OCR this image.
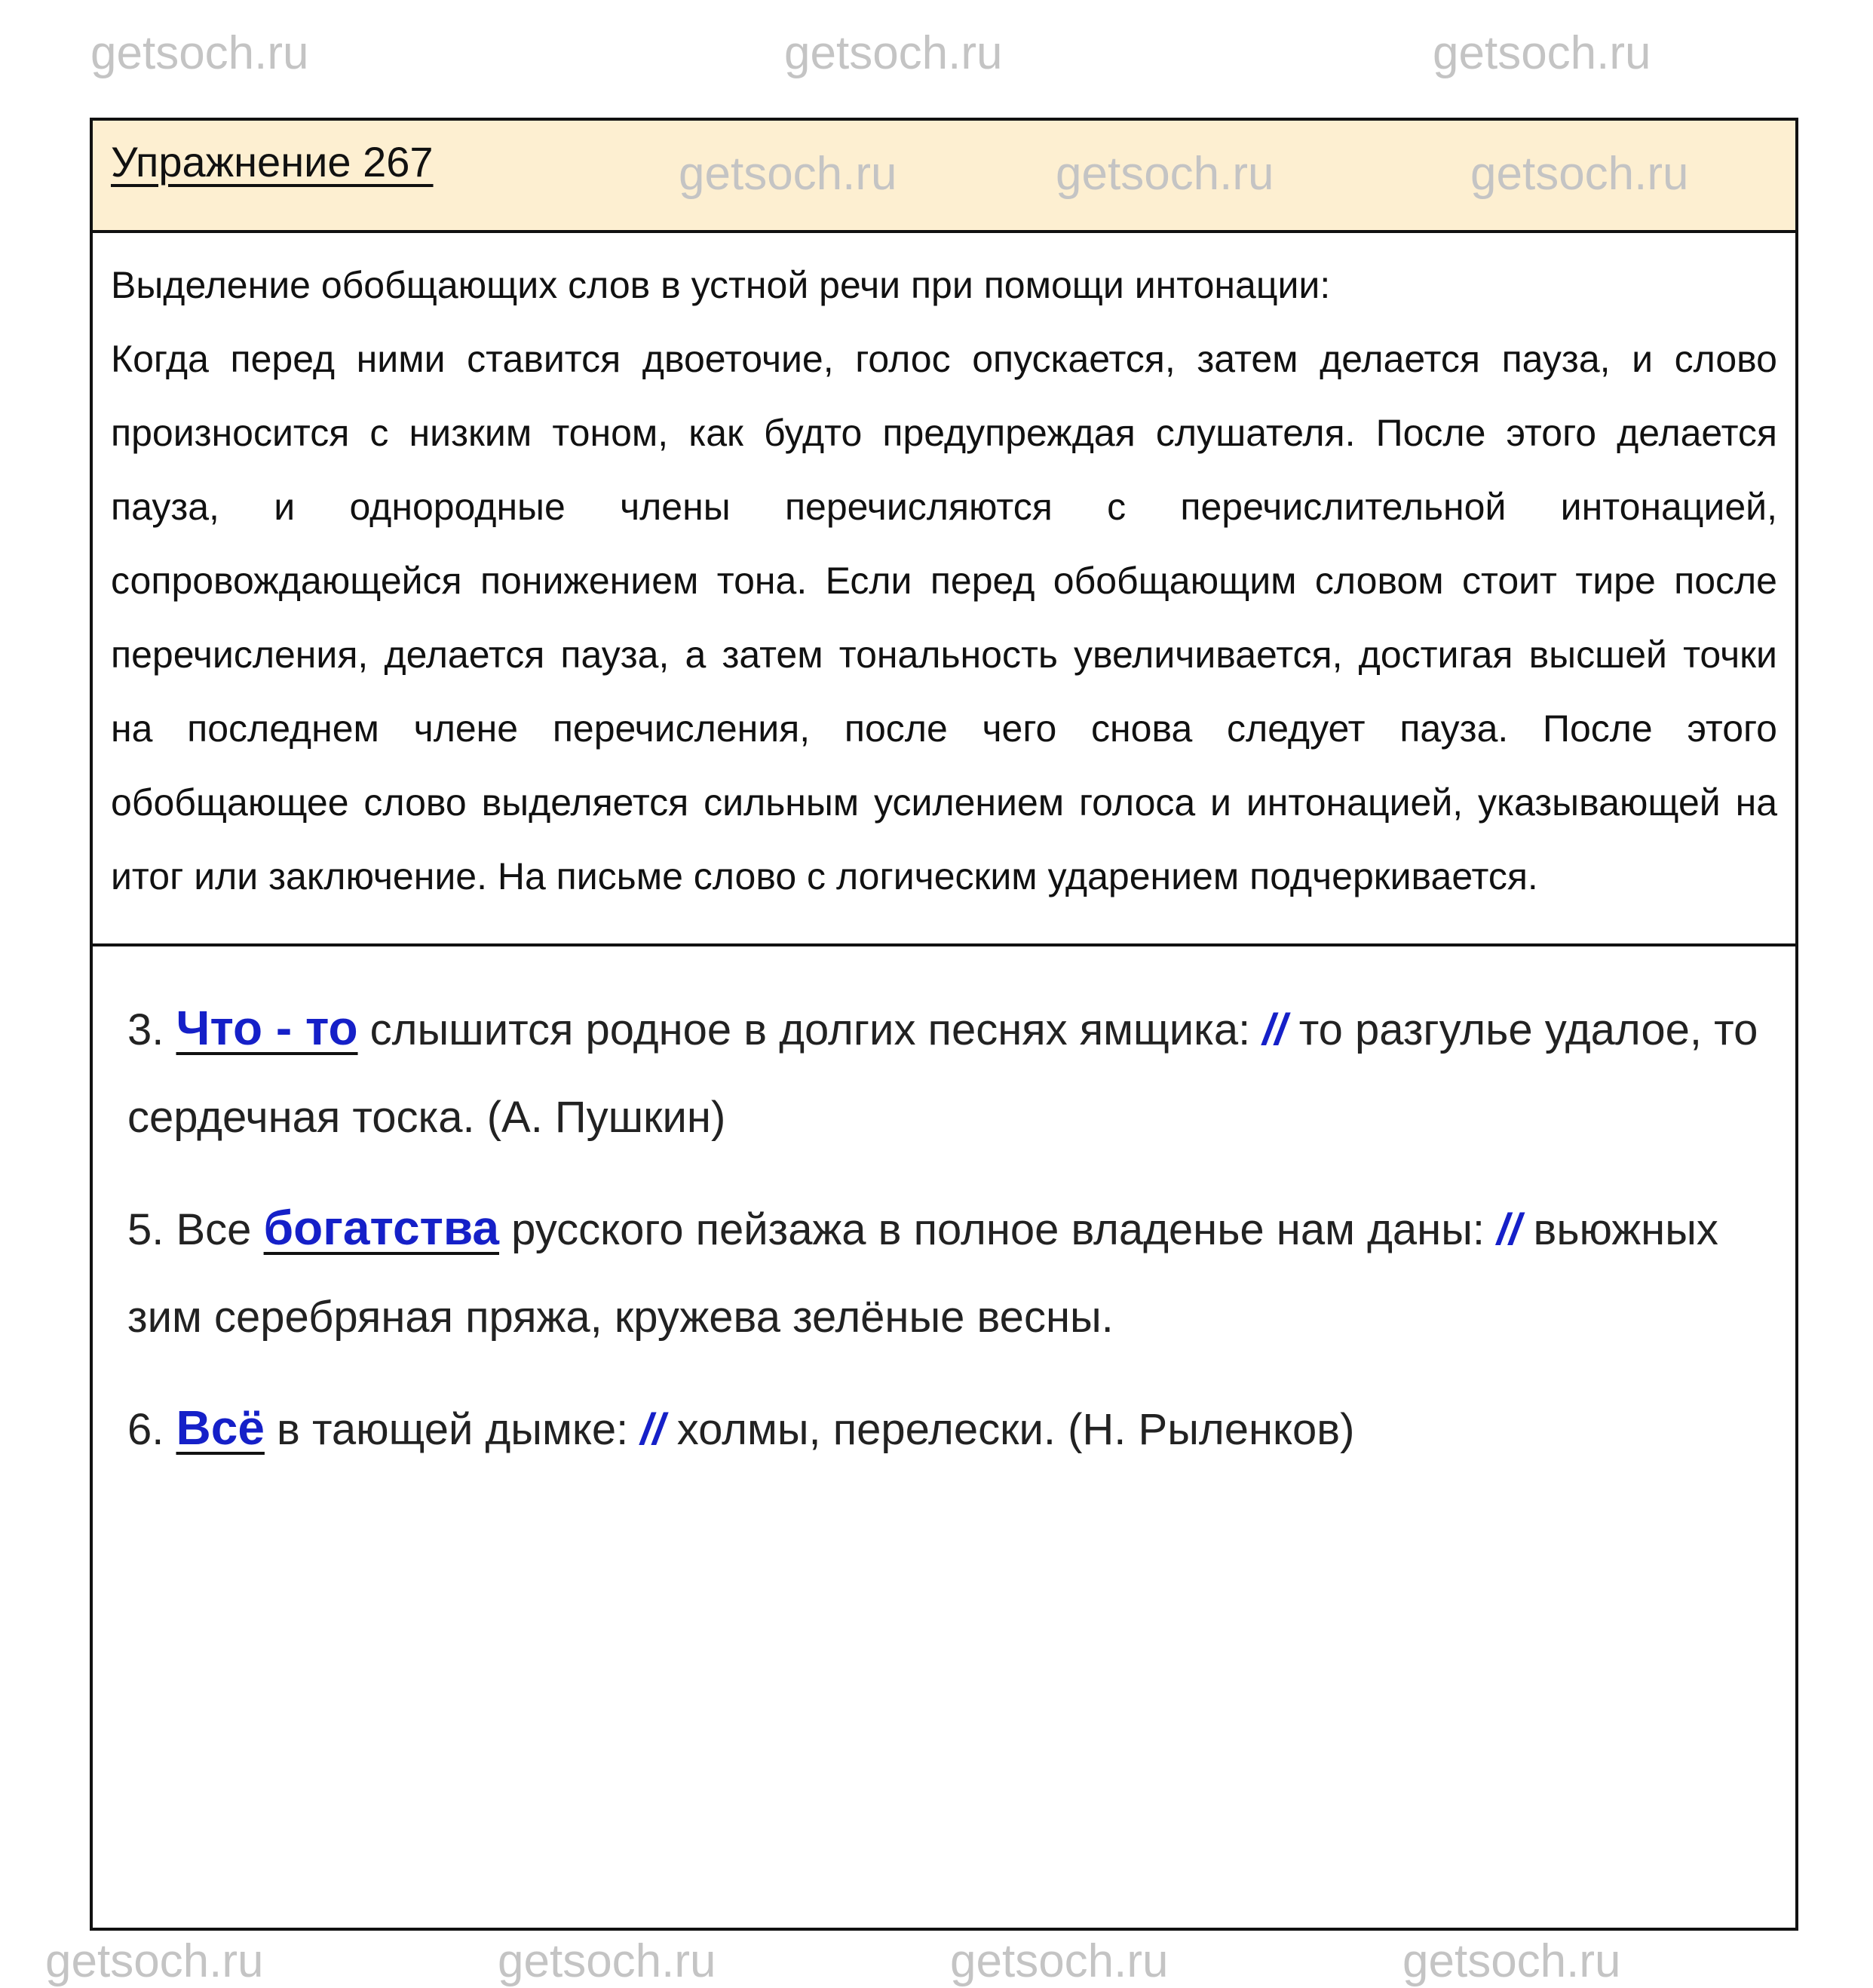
Упражнение 267

Выделение обобщающих слов в устной речи при помощи интонации:

Когда перед ними ставится двоеточие, голос опускается, затем делается пауза, и слово произносится с низким тоном, как будто предупреждая слушателя. После этого делается пауза, и однородные члены перечисляются с перечислительной интонацией, сопровождающейся понижением тона. Если перед обобщающим словом стоит тире после перечисления, делается пауза, а затем тональность увеличивается, достигая высшей точки на последнем члене перечисления, после чего снова следует пауза. После этого обобщающее слово выделяется сильным усилением голоса и интонацией, указывающей на итог или заключение. На письме слово с логическим ударением подчеркивается.

3. Что - то слышится родное в долгих песнях ямщика: // то разгулье удалое, то сердечная тоска. (А. Пушкин)

5. Все богатства русского пейзажа в полное владенье нам даны: // вьюжных зим серебряная пряжа, кружева зелёные весны.

6. Всё в тающей дымке: // холмы, перелески. (Н. Рыленков)

getsoch.ru	getsoch.ru	getsoch.ru
getsoch.ru	getsoch.ru	getsoch.ru
getsoch.ru	getsoch.ru	getsoch.ru	getsoch.ru
